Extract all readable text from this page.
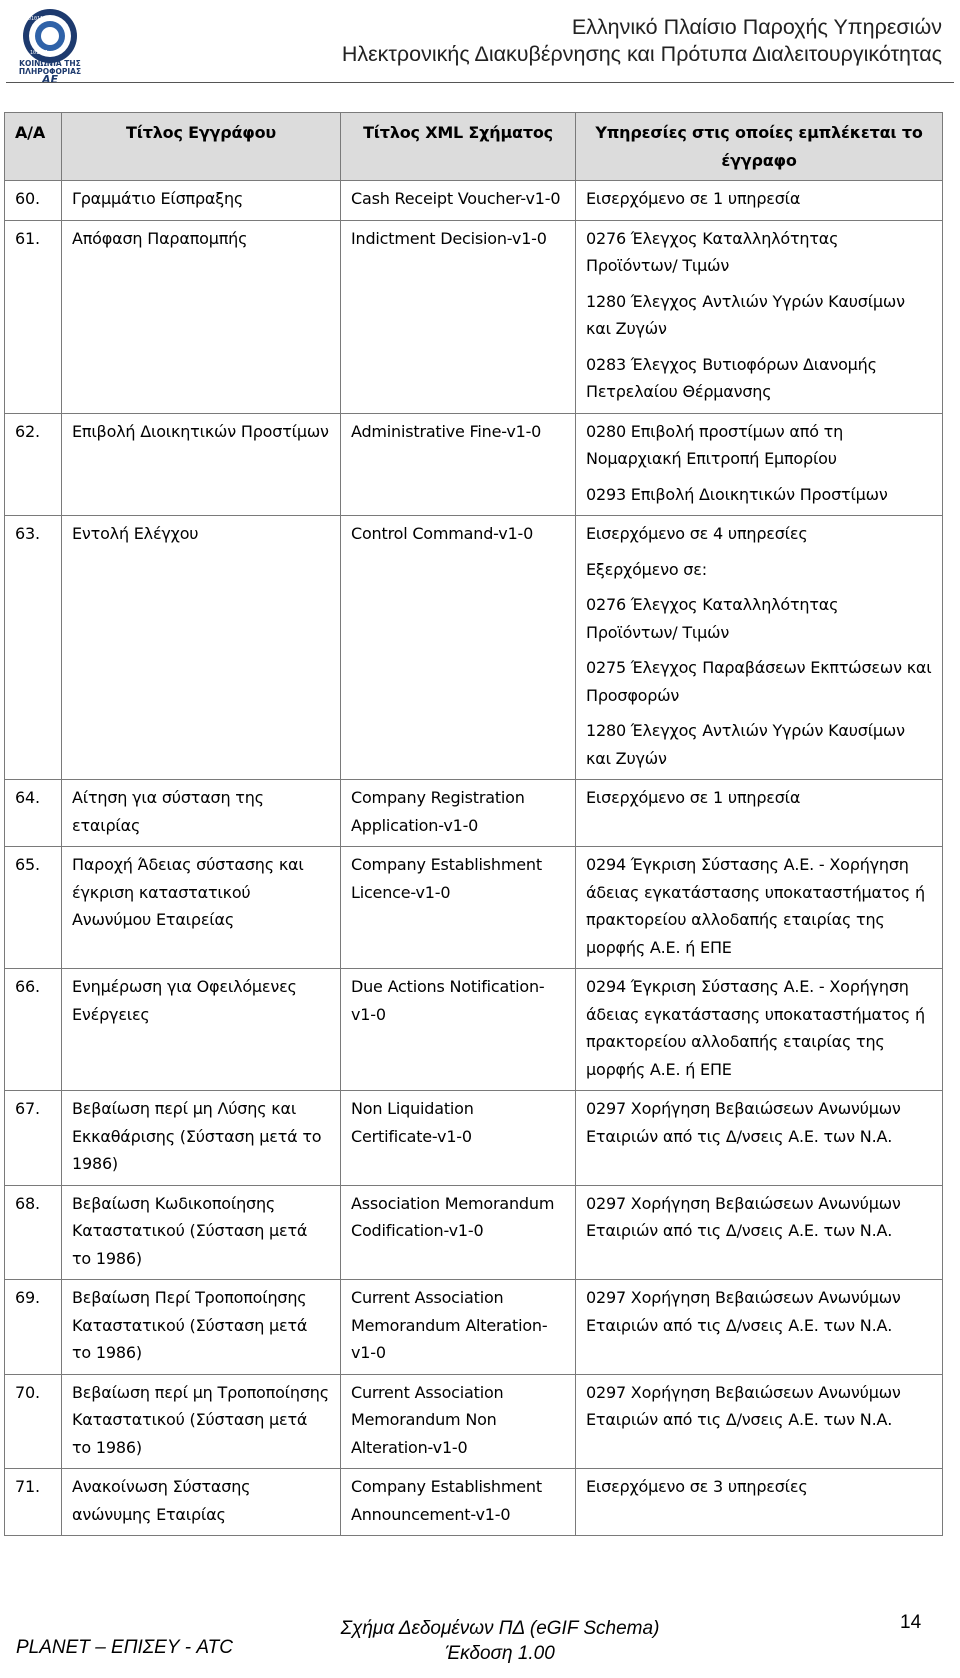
010110
101001
ΚΟΙΝΩΝΙΑ ΤΗΣ
ΠΛΗΡΟΦΟΡΙΑΣ ΑΕ
Ελληνικό Πλαίσιο Παροχής Υπηρεσιών
Ηλεκτρονικής Διακυβέρνησης και Πρότυπα Διαλειτουργικότητας
Α/Α	Τίτλος Εγγράφου	Τίτλος XML Σχήματος	Υπηρεσίες στις οποίες εμπλέκεται το έγγραφο
60.	Γραμμάτιο Είσπραξης	Cash Receipt Voucher-v1-0	Εισερχόμενο σε 1 υπηρεσία

61.	Απόφαση Παραπομπής	Indictment Decision-v1-0	0276 Έλεγχος Καταλληλότητας Προϊόντων/ Τιμών
1280 Έλεγχος Αντλιών Υγρών Καυσίμων και Ζυγών
0283 Έλεγχος Βυτιοφόρων Διανομής Πετρελαίου Θέρμανσης

62.	Επιβολή Διοικητικών Προστίμων	Administrative Fine-v1-0	0280 Επιβολή προστίμων από τη Νομαρχιακή Επιτροπή Εμπορίου
0293 Επιβολή Διοικητικών Προστίμων

63.	Εντολή Ελέγχου	Control Command-v1-0	Εισερχόμενο σε 4 υπηρεσίες
Εξερχόμενο σε:
0276 Έλεγχος Καταλληλότητας Προϊόντων/ Τιμών
0275 Έλεγχος Παραβάσεων Εκπτώσεων και Προσφορών
1280 Έλεγχος Αντλιών Υγρών Καυσίμων και Ζυγών

64.	Αίτηση για σύσταση της εταιρίας	Company Registration Application-v1-0	Εισερχόμενο σε 1 υπηρεσία

65.	Παροχή Άδειας σύστασης και έγκριση καταστατικού Ανωνύμου Εταιρείας	Company Establishment Licence-v1-0	0294 Έγκριση Σύστασης Α.Ε. - Χορήγηση άδειας εγκατάστασης υποκαταστήματος ή πρακτορείου αλλοδαπής εταιρίας της μορφής Α.Ε. ή ΕΠΕ

66.	Ενημέρωση για Οφειλόμενες Ενέργειες	Due Actions Notification-v1-0	0294 Έγκριση Σύστασης Α.Ε. - Χορήγηση άδειας εγκατάστασης υποκαταστήματος ή πρακτορείου αλλοδαπής εταιρίας της μορφής Α.Ε. ή ΕΠΕ

67.	Βεβαίωση περί μη Λύσης και Εκκαθάρισης (Σύσταση μετά το 1986)	Non Liquidation Certificate-v1-0	0297 Χορήγηση Βεβαιώσεων Ανωνύμων Εταιριών από τις Δ/νσεις Α.Ε. των Ν.Α.

68.	Βεβαίωση Κωδικοποίησης Καταστατικού (Σύσταση μετά το 1986)	Association Memorandum Codification-v1-0	0297 Χορήγηση Βεβαιώσεων Ανωνύμων Εταιριών από τις Δ/νσεις Α.Ε. των Ν.Α.

69.	Βεβαίωση Περί Τροποποίησης Καταστατικού (Σύσταση μετά το 1986)	Current Association Memorandum Alteration-v1-0	0297 Χορήγηση Βεβαιώσεων Ανωνύμων Εταιριών από τις Δ/νσεις Α.Ε. των Ν.Α.

70.	Βεβαίωση περί μη Τροποποίησης Καταστατικού (Σύσταση μετά το 1986)	Current Association Memorandum Non Alteration-v1-0	0297 Χορήγηση Βεβαιώσεων Ανωνύμων Εταιριών από τις Δ/νσεις Α.Ε. των Ν.Α.

71.	Ανακοίνωση Σύστασης ανώνυμης Εταιρίας	Company Establishment Announcement-v1-0	Εισερχόμενο σε 3 υπηρεσίες
PLANET – ΕΠΙΣΕΥ - ATC
Σχήμα Δεδομένων ΠΔ (eGIF Schema)
Έκδοση 1.00
14
